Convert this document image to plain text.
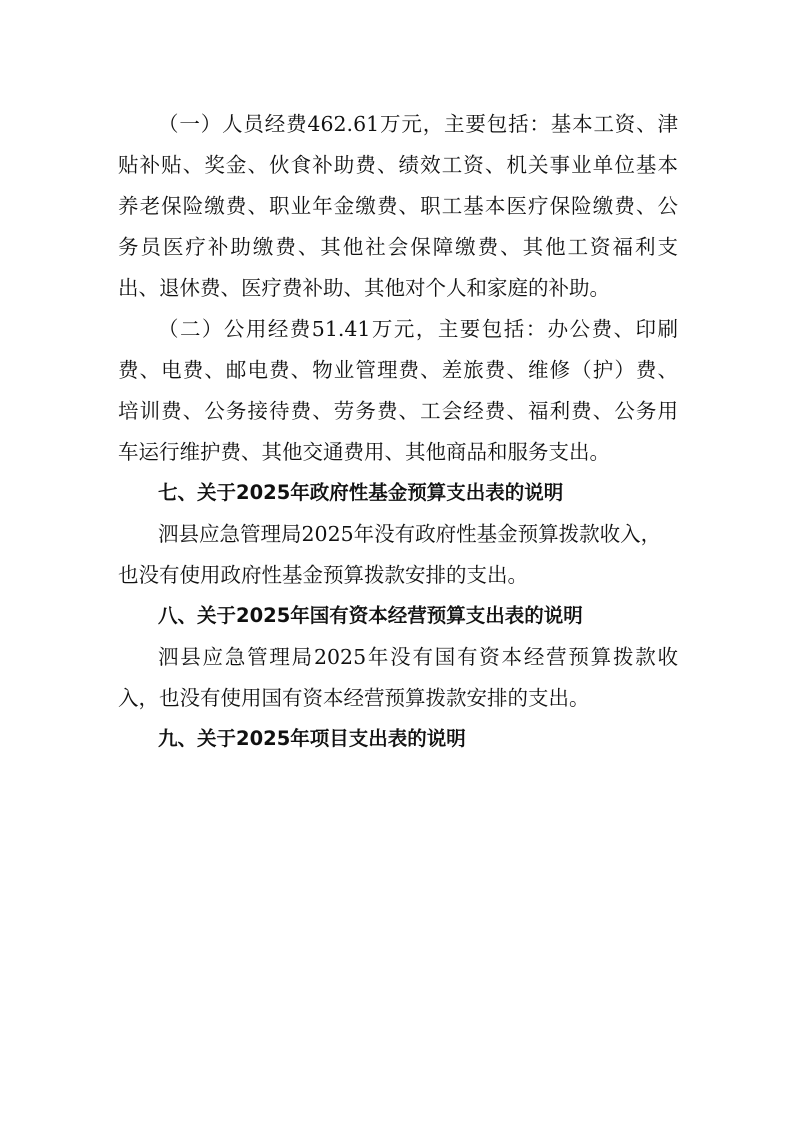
（一）人员经费462.61万元，主要包括：基本工资、津
贴补贴、奖金、伙食补助费、绩效工资、机关事业单位基本
养老保险缴费、职业年金缴费、职工基本医疗保险缴费、公
务员医疗补助缴费、其他社会保障缴费、其他工资福利支
出、退休费、医疗费补助、其他对个人和家庭的补助。
（二）公用经费51.41万元，主要包括：办公费、印刷
费、电费、邮电费、物业管理费、差旅费、维修（护）费、
培训费、公务接待费、劳务费、工会经费、福利费、公务用
车运行维护费、其他交通费用、其他商品和服务支出。
七、关于2025年政府性基金预算支出表的说明
泗县应急管理局2025年没有政府性基金预算拨款收入，
也没有使用政府性基金预算拨款安排的支出。
八、关于2025年国有资本经营预算支出表的说明
泗县应急管理局2025年没有国有资本经营预算拨款收
入，也没有使用国有资本经营预算拨款安排的支出。
九、关于2025年项目支出表的说明
